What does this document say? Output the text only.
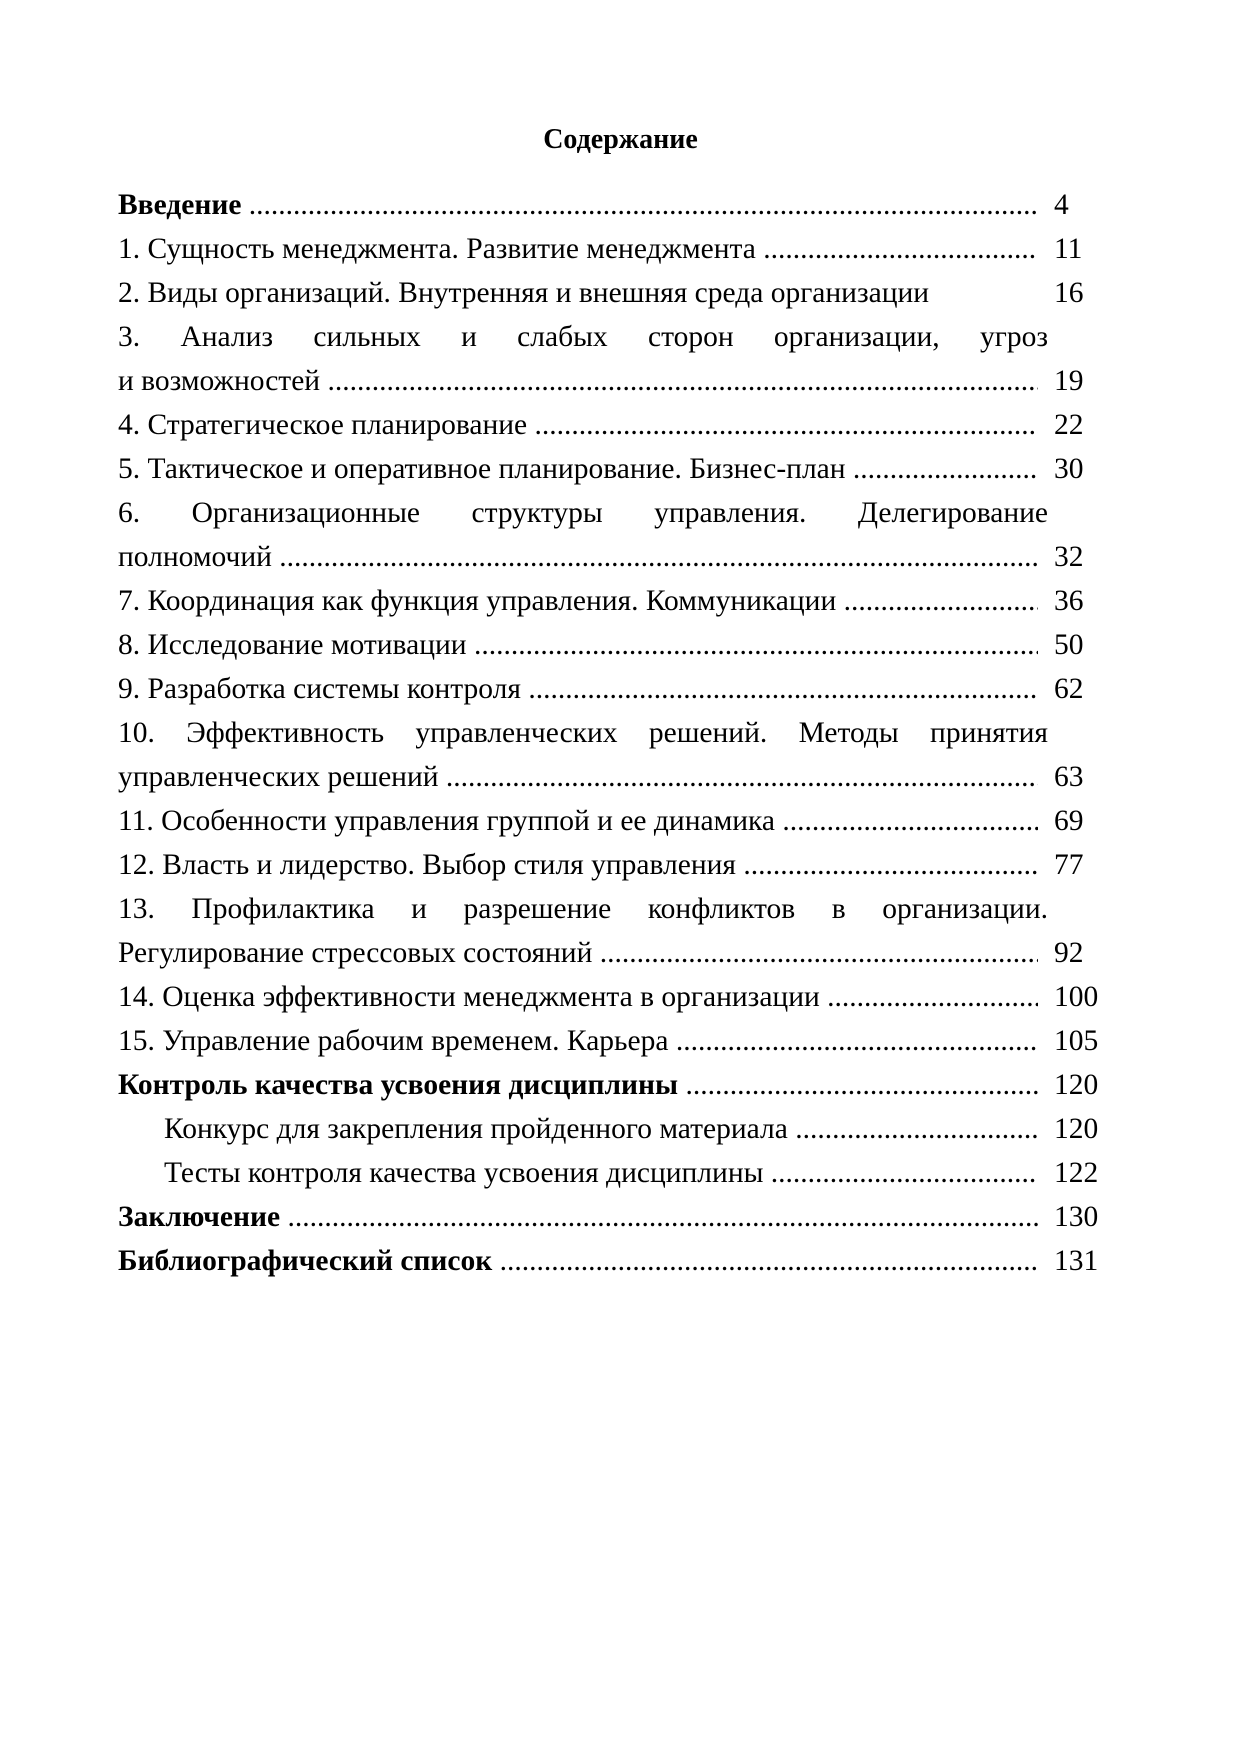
Содержание
Введение .....	4
1. Сущность менеджмента. Развитие менеджмента .....	11
2. Виды организаций. Внутренняя и внешняя среда организации	16
3. Анализ сильных и слабых сторон организации, угроз
и возможностей .....	19
4. Стратегическое планирование .....	22
5. Тактическое и оперативное планирование. Бизнес-план .....	30
6. Организационные структуры управления. Делегирование
полномочий .....	32
7. Координация как функция управления. Коммуникации .....	36
8. Исследование мотивации .....	50
9. Разработка системы контроля .....	62
10. Эффективность управленческих решений. Методы принятия
управленческих решений .....	63
11. Особенности управления группой и ее динамика .....	69
12. Власть и лидерство. Выбор стиля управления .....	77
13. Профилактика и разрешение конфликтов в организации.
Регулирование стрессовых состояний .....	92
14. Оценка эффективности менеджмента в организации .....	100
15. Управление рабочим временем. Карьера .....	105
Контроль качества усвоения дисциплины .....	120
Конкурс для закрепления пройденного материала .....	120
Тесты контроля качества усвоения дисциплины .....	122
Заключение .....	130
Библиографический список .....	131
